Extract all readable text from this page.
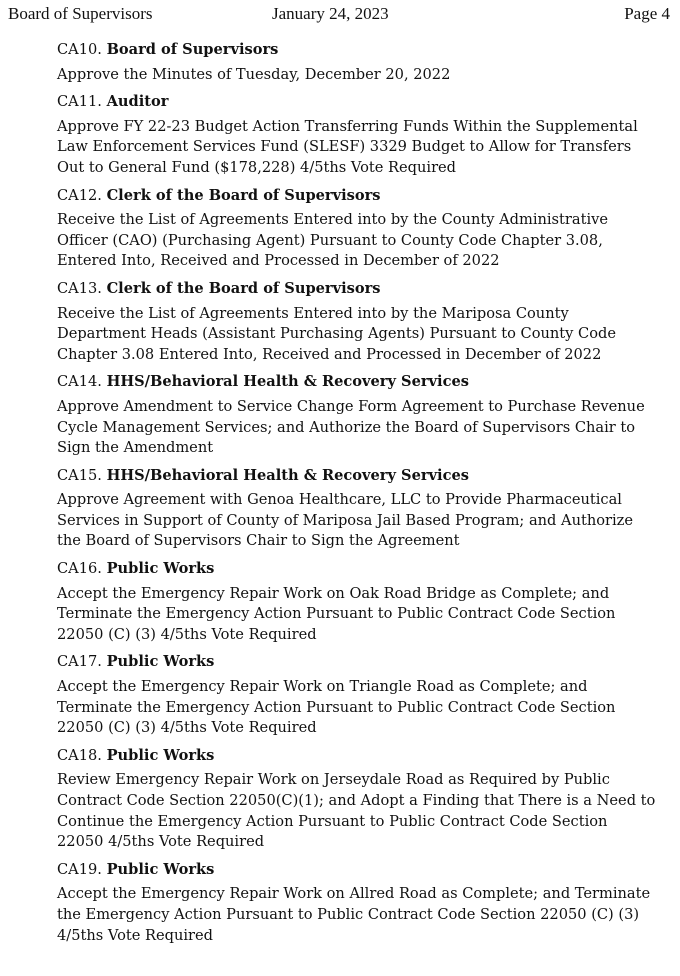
Board of Supervisors	January 24, 2023	Page 4
CA10. Board of Supervisors
Approve the Minutes of Tuesday, December 20, 2022
CA11. Auditor
Approve FY 22-23 Budget Action Transferring Funds Within the Supplemental
Law Enforcement Services Fund (SLESF) 3329 Budget to Allow for Transfers
Out to General Fund ($178,228) 4/5ths Vote Required
CA12. Clerk of the Board of Supervisors
Receive the List of Agreements Entered into by the County Administrative
Officer (CAO) (Purchasing Agent) Pursuant to County Code Chapter 3.08,
Entered Into, Received and Processed in December of 2022
CA13. Clerk of the Board of Supervisors
Receive the List of Agreements Entered into by the Mariposa County
Department Heads (Assistant Purchasing Agents) Pursuant to County Code
Chapter 3.08 Entered Into, Received and Processed in December of 2022
CA14. HHS/Behavioral Health & Recovery Services
Approve Amendment to Service Change Form Agreement to Purchase Revenue
Cycle Management Services; and Authorize the Board of Supervisors Chair to
Sign the Amendment
CA15. HHS/Behavioral Health & Recovery Services
Approve Agreement with Genoa Healthcare, LLC to Provide Pharmaceutical
Services in Support of County of Mariposa Jail Based Program; and Authorize
the Board of Supervisors Chair to Sign the Agreement
CA16. Public Works
Accept the Emergency Repair Work on Oak Road Bridge as Complete; and
Terminate the Emergency Action Pursuant to Public Contract Code Section
22050 (C) (3) 4/5ths Vote Required
CA17. Public Works
Accept the Emergency Repair Work on Triangle Road as Complete; and
Terminate the Emergency Action Pursuant to Public Contract Code Section
22050 (C) (3) 4/5ths Vote Required
CA18. Public Works
Review Emergency Repair Work on Jerseydale Road as Required by Public
Contract Code Section 22050(C)(1); and Adopt a Finding that There is a Need to
Continue the Emergency Action Pursuant to Public Contract Code Section
22050 4/5ths Vote Required
CA19. Public Works
Accept the Emergency Repair Work on Allred Road as Complete; and Terminate
the Emergency Action Pursuant to Public Contract Code Section 22050 (C) (3)
4/5ths Vote Required
